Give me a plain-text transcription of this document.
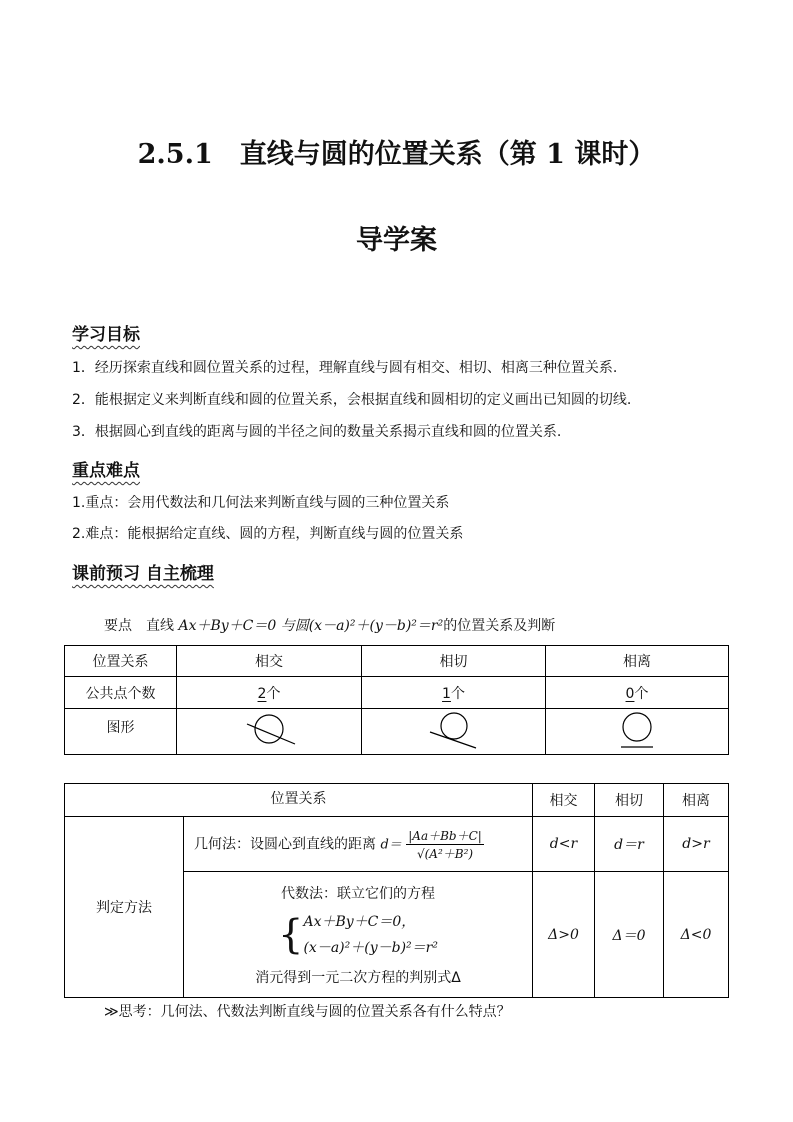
2.5.1　直线与圆的位置关系（第 1 课时）
导学案
学习目标
1．经历探索直线和圆位置关系的过程，理解直线与圆有相交、相切、相离三种位置关系.
2．能根据定义来判断直线和圆的位置关系，会根据直线和圆相切的定义画出已知圆的切线.
3．根据圆心到直线的距离与圆的半径之间的数量关系揭示直线和圆的位置关系.
重点难点
1.重点：会用代数法和几何法来判断直线与圆的三种位置关系
2.难点：能根据给定直线、圆的方程，判断直线与圆的位置关系
课前预习 自主梳理
要点　直线 Ax＋By＋C＝0 与圆(x－a)²＋(y－b)²＝r²的位置关系及判断
位置关系	相交	相切	相离
公共点个数	2个	1个	0个
图形			
位置关系		相交	相切	相离
判定方法	几何法：设圆心到直线的距离 $d= \frac{|Aa+Bb+C|}{\text{√(A²＋B²)}}$	d<r	d＝r	d>r

	代数法：联立它们的方程
{ Ax＋By＋C＝0，
(x－a)²＋(y－b)²＝r²
消元得到一元二次方程的判别式Δ	Δ>0	Δ＝0	Δ<0
≫思考：几何法、代数法判断直线与圆的位置关系各有什么特点？
